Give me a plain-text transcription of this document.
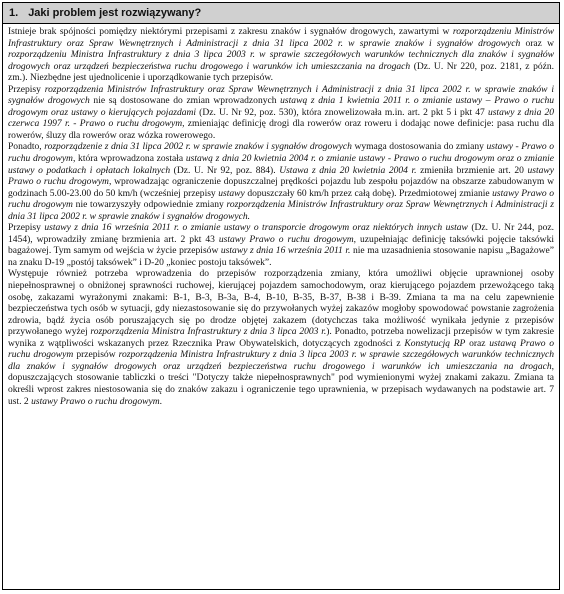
1. Jaki problem jest rozwiązywany?

Istnieje brak spójności pomiędzy niektórymi przepisami z zakresu znaków i sygnałów drogowych, zawartymi w rozporządzeniu Ministrów Infrastruktury oraz Spraw Wewnętrznych i Administracji z dnia 31 lipca 2002 r. w sprawie znaków i sygnałów drogowych oraz w rozporządzeniu Ministra Infrastruktury z dnia 3 lipca 2003 r. w sprawie szczegółowych warunków technicznych dla znaków i sygnałów drogowych oraz urządzeń bezpieczeństwa ruchu drogowego i warunków ich umieszczania na drogach (Dz. U. Nr 220, poz. 2181, z późn. zm.). Niezbędne jest ujednolicenie i uporządkowanie tych przepisów.

Przepisy rozporządzenia Ministrów Infrastruktury oraz Spraw Wewnętrznych i Administracji z dnia 31 lipca 2002 r. w sprawie znaków i sygnałów drogowych nie są dostosowane do zmian wprowadzonych ustawą z dnia 1 kwietnia 2011 r. o zmianie ustawy – Prawo o ruchu drogowym oraz ustawy o kierujących pojazdami (Dz. U. Nr 92, poz. 530), która znowelizowała m.in. art. 2 pkt 5 i pkt 47 ustawy z dnia 20 czerwca 1997 r. - Prawo o ruchu drogowym, zmieniając definicję drogi dla rowerów oraz roweru i dodając nowe definicje: pasa ruchu dla rowerów, śluzy dla rowerów oraz wózka rowerowego.

Ponadto, rozporządzenie z dnia 31 lipca 2002 r. w sprawie znaków i sygnałów drogowych wymaga dostosowania do zmiany ustawy - Prawo o ruchu drogowym, która wprowadzona została ustawą z dnia 20 kwietnia 2004 r. o zmianie ustawy - Prawo o ruchu drogowym oraz o zmianie ustawy o podatkach i opłatach lokalnych (Dz. U. Nr 92, poz. 884). Ustawa z dnia 20 kwietnia 2004 r. zmieniła brzmienie art. 20 ustawy Prawo o ruchu drogowym, wprowadzając ograniczenie dopuszczalnej prędkości pojazdu lub zespołu pojazdów na obszarze zabudowanym w godzinach 5.00-23.00 do 50 km/h (wcześniej przepisy ustawy dopuszczały 60 km/h przez całą dobę). Przedmiotowej zmianie ustawy Prawo o ruchu drogowym nie towarzyszyły odpowiednie zmiany rozporządzenia Ministrów Infrastruktury oraz Spraw Wewnętrznych i Administracji z dnia 31 lipca 2002 r. w sprawie znaków i sygnałów drogowych.

Przepisy ustawy z dnia 16 września 2011 r. o zmianie ustawy o transporcie drogowym oraz niektórych innych ustaw (Dz. U. Nr 244, poz. 1454), wprowadziły zmianę brzmienia art. 2 pkt 43 ustawy Prawo o ruchu drogowym, uzupełniając definicję taksówki pojęcie taksówki bagażowej. Tym samym od wejścia w życie przepisów ustawy z dnia 16 września 2011 r. nie ma uzasadnienia stosowanie napisu „Bagażowe” na znaku D-19 „postój taksówek” i D-20 „koniec postoju taksówek”.

Występuje również potrzeba wprowadzenia do przepisów rozporządzenia zmiany, która umożliwi objęcie uprawnionej osoby niepełnosprawnej o obniżonej sprawności ruchowej, kierującej pojazdem samochodowym, oraz kierującego pojazdem przewożącego taką osobę, zakazami wyrażonymi znakami: B-1, B-3, B-3a, B-4, B-10, B-35, B-37, B-38 i B-39. Zmiana ta ma na celu zapewnienie bezpieczeństwa tych osób w sytuacji, gdy niezastosowanie się do przywołanych wyżej zakazów mogłoby spowodować powstanie zagrożenia zdrowia, bądź życia osób poruszających się po drodze objętej zakazem (dotychczas taka możliwość wynikała jedynie z przepisów przywołanego wyżej rozporządzenia Ministra Infrastruktury z dnia 3 lipca 2003 r.). Ponadto, potrzeba nowelizacji przepisów w tym zakresie wynika z wątpliwości wskazanych przez Rzecznika Praw Obywatelskich, dotyczących zgodności z Konstytucją RP oraz ustawą Prawo o ruchu drogowym przepisów rozporządzenia Ministra Infrastruktury z dnia 3 lipca 2003 r. w sprawie szczegółowych warunków technicznych dla znaków i sygnałów drogowych oraz urządzeń bezpieczeństwa ruchu drogowego i warunków ich umieszczania na drogach, dopuszczających stosowanie tabliczki o treści "Dotyczy także niepełnosprawnych" pod wymienionymi wyżej znakami zakazu. Zmiana ta określi wprost zakres niestosowania się do znaków zakazu i ograniczenie tego uprawnienia, w przepisach wydawanych na podstawie art. 7 ust. 2 ustawy Prawo o ruchu drogowym.
